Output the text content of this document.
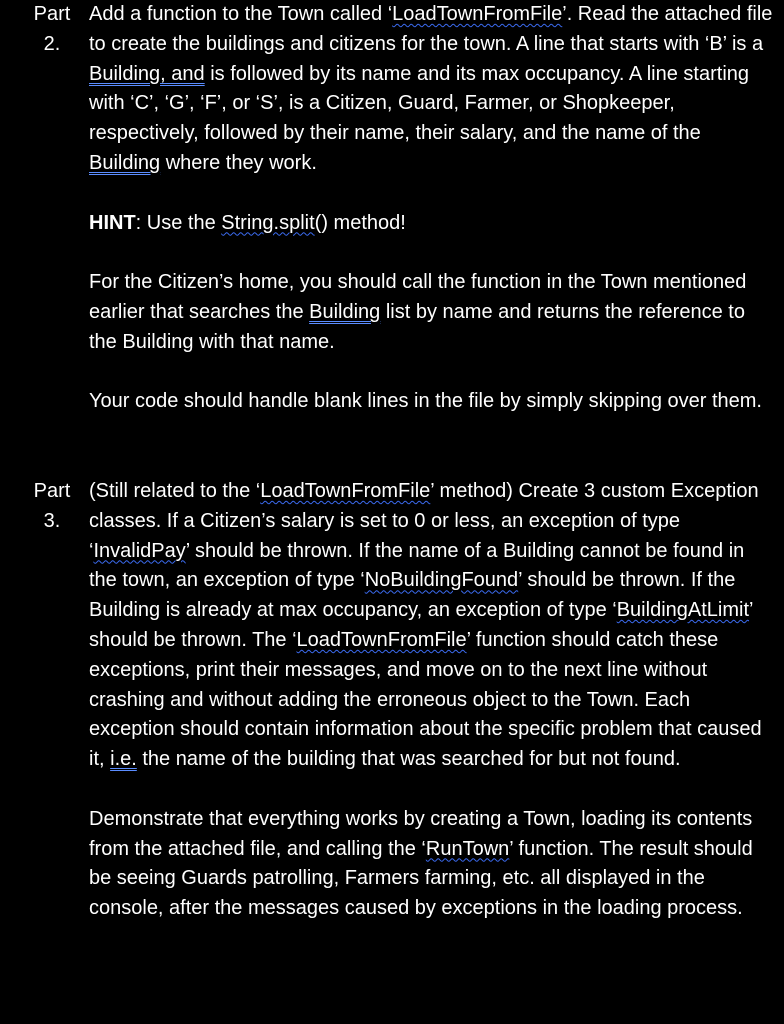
Part
2.

Add a function to the Town called ‘LoadTownFromFile’. Read the attached file to create the buildings and citizens for the town. A line that starts with ‘B’ is a Building, and is followed by its name and its max occupancy. A line starting with ‘C’, ‘G’, ‘F’, or ‘S’, is a Citizen, Guard, Farmer, or Shopkeeper, respectively, followed by their name, their salary, and the name of the Building where they work.

HINT: Use the String.split() method!

For the Citizen’s home, you should call the function in the Town mentioned earlier that searches the Building list by name and returns the reference to the Building with that name.

Your code should handle blank lines in the file by simply skipping over them.

Part
3.

(Still related to the ‘LoadTownFromFile’ method) Create 3 custom Exception classes. If a Citizen’s salary is set to 0 or less, an exception of type ‘InvalidPay’ should be thrown. If the name of a Building cannot be found in the town, an exception of type ‘NoBuildingFound’ should be thrown. If the Building is already at max occupancy, an exception of type ‘BuildingAtLimit’ should be thrown. The ‘LoadTownFromFile’ function should catch these exceptions, print their messages, and move on to the next line without crashing and without adding the erroneous object to the Town. Each exception should contain information about the specific problem that caused it, i.e. the name of the building that was searched for but not found.

Demonstrate that everything works by creating a Town, loading its contents from the attached file, and calling the ‘RunTown’ function. The result should be seeing Guards patrolling, Farmers farming, etc. all displayed in the console, after the messages caused by exceptions in the loading process.
